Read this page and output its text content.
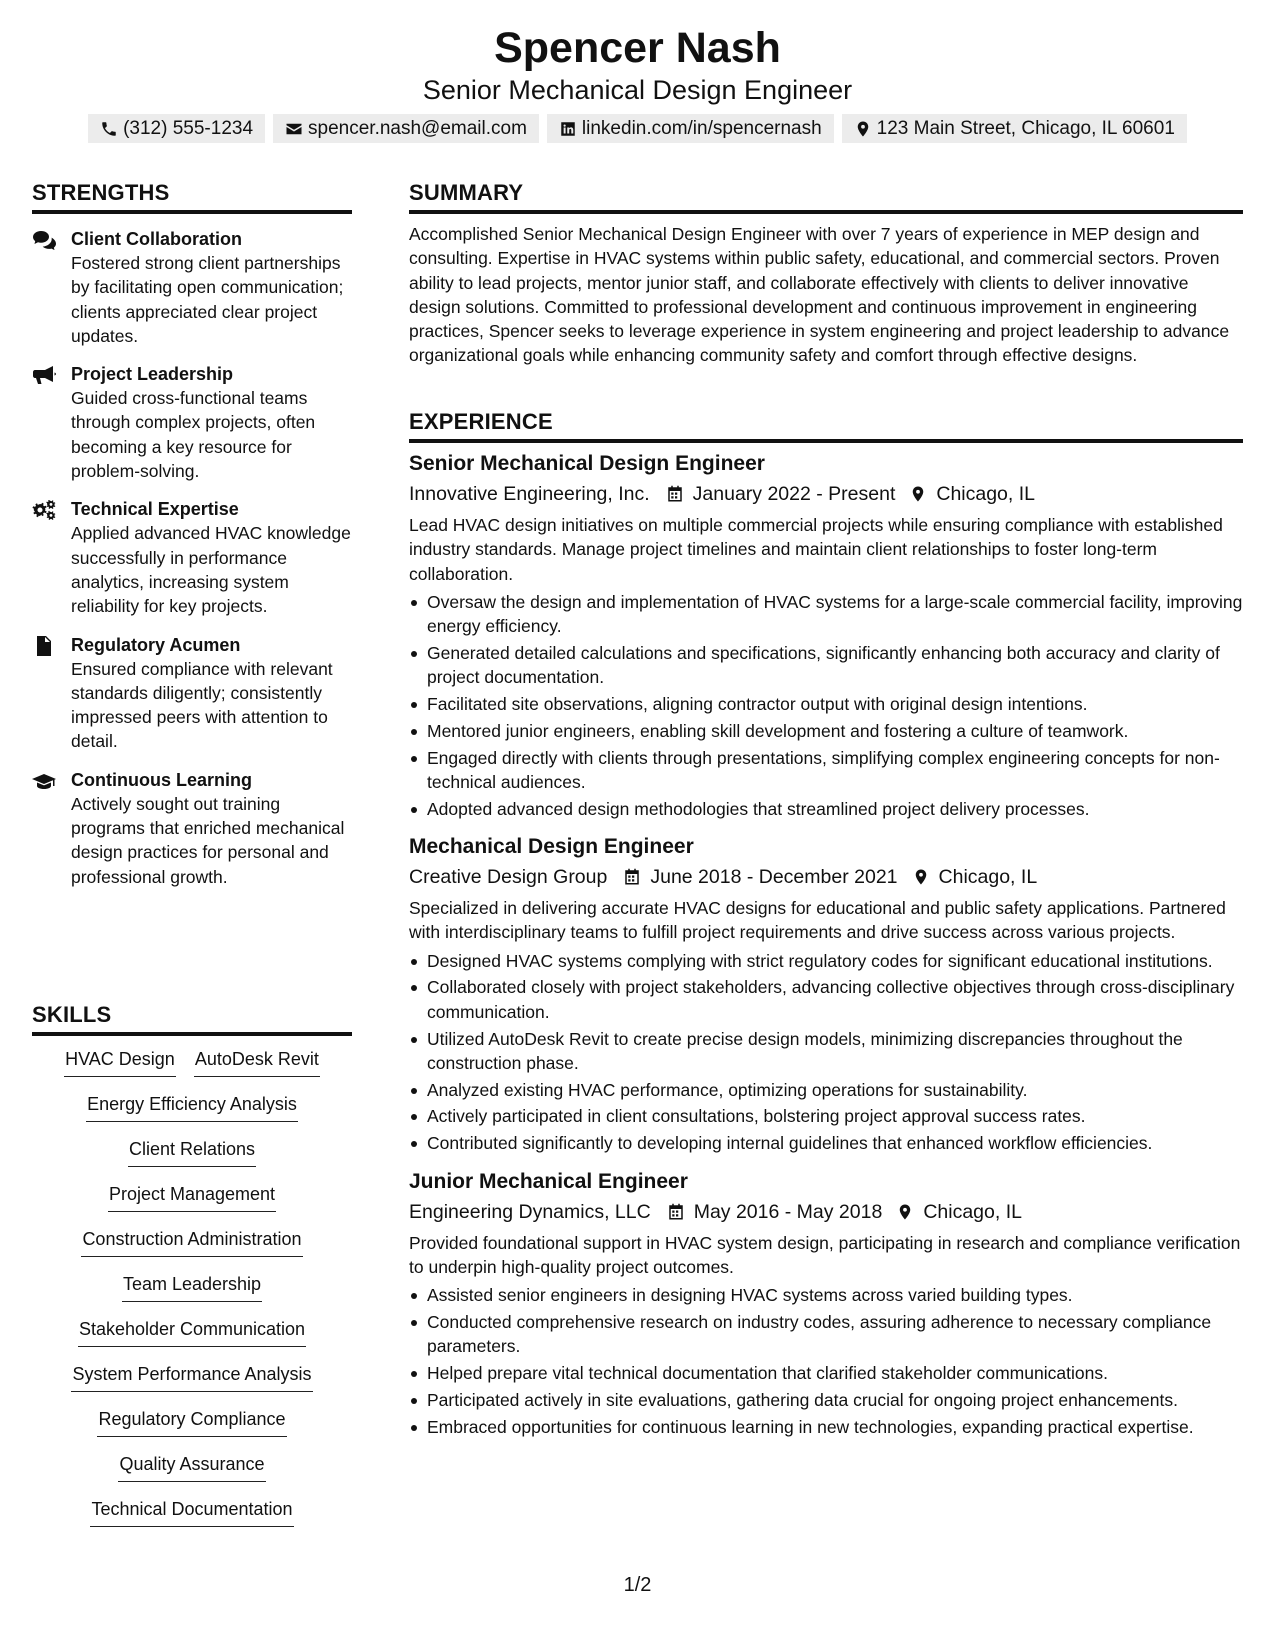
Spencer Nash
Senior Mechanical Design Engineer
(312) 555-1234
	spencer.nash@email.com
	linkedin.com/in/spencernash
	123 Main Street, Chicago, IL 60601
STRENGTHS
Client Collaboration
Fostered strong client partnerships by facilitating open communication; clients appreciated clear project updates.
Project Leadership
Guided cross-functional teams through complex projects, often becoming a key resource for problem-solving.
Technical Expertise
Applied advanced HVAC knowledge successfully in performance analytics, increasing system reliability for key projects.
Regulatory Acumen
Ensured compliance with relevant standards diligently; consistently impressed peers with attention to detail.
Continuous Learning
Actively sought out training programs that enriched mechanical design practices for personal and professional growth.
SKILLS
HVAC Design AutoDesk Revit
Energy Efficiency Analysis
Client Relations
Project Management
Construction Administration
Team Leadership
Stakeholder Communication
System Performance Analysis
Regulatory Compliance
Quality Assurance
Technical Documentation
SUMMARY
Accomplished Senior Mechanical Design Engineer with over 7 years of experience in MEP design and consulting. Expertise in HVAC systems within public safety, educational, and commercial sectors. Proven ability to lead projects, mentor junior staff, and collaborate effectively with clients to deliver innovative design solutions. Committed to professional development and continuous improvement in engineering practices, Spencer seeks to leverage experience in system engineering and project leadership to advance organizational goals while enhancing community safety and comfort through effective designs.
EXPERIENCE
Senior Mechanical Design Engineer
Innovative Engineering, Inc. January 2022 - Present Chicago, IL
Lead HVAC design initiatives on multiple commercial projects while ensuring compliance with established industry standards. Manage project timelines and maintain client relationships to foster long-term collaboration.
Oversaw the design and implementation of HVAC systems for a large-scale commercial facility, improving energy efficiency.
Generated detailed calculations and specifications, significantly enhancing both accuracy and clarity of project documentation.
Facilitated site observations, aligning contractor output with original design intentions.
Mentored junior engineers, enabling skill development and fostering a culture of teamwork.
Engaged directly with clients through presentations, simplifying complex engineering concepts for non-technical audiences.
Adopted advanced design methodologies that streamlined project delivery processes.
Mechanical Design Engineer
Creative Design Group June 2018 - December 2021 Chicago, IL
Specialized in delivering accurate HVAC designs for educational and public safety applications. Partnered with interdisciplinary teams to fulfill project requirements and drive success across various projects.
Designed HVAC systems complying with strict regulatory codes for significant educational institutions.
Collaborated closely with project stakeholders, advancing collective objectives through cross-disciplinary communication.
Utilized AutoDesk Revit to create precise design models, minimizing discrepancies throughout the construction phase.
Analyzed existing HVAC performance, optimizing operations for sustainability.
Actively participated in client consultations, bolstering project approval success rates.
Contributed significantly to developing internal guidelines that enhanced workflow efficiencies.
Junior Mechanical Engineer
Engineering Dynamics, LLC May 2016 - May 2018 Chicago, IL
Provided foundational support in HVAC system design, participating in research and compliance verification to underpin high-quality project outcomes.
Assisted senior engineers in designing HVAC systems across varied building types.
Conducted comprehensive research on industry codes, assuring adherence to necessary compliance parameters.
Helped prepare vital technical documentation that clarified stakeholder communications.
Participated actively in site evaluations, gathering data crucial for ongoing project enhancements.
Embraced opportunities for continuous learning in new technologies, expanding practical expertise.
1/2
